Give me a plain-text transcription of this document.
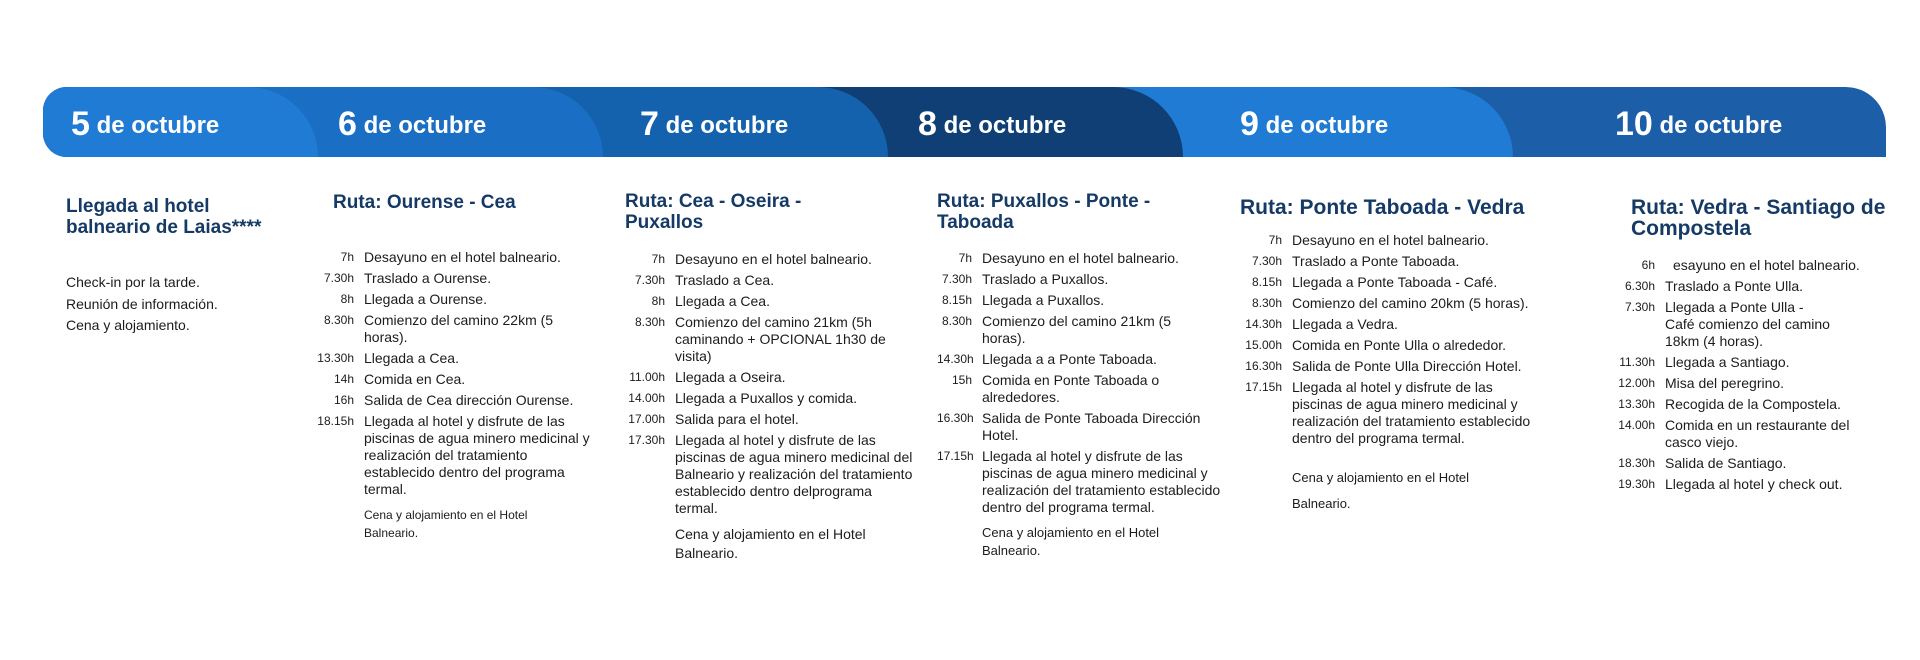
5 de octubre	6 de octubre	7 de octubre	8 de octubre	9 de octubre	10 de octubre
Llegada al hotel balneario de Laias****
Check-in por la tarde.
Reunión de información.
Cena y alojamiento.
Ruta: Ourense - Cea
7h Desayuno en el hotel balneario.
7.30h Traslado a Ourense.
8h Llegada a Ourense.
8.30h Comienzo del camino 22km (5 horas).
13.30h Llegada a Cea.
14h Comida en Cea.
16h Salida de Cea dirección Ourense.
18.15h Llegada al hotel y disfrute de las piscinas de agua minero medicinal y realización del tratamiento establecido dentro del programa termal.
Cena y alojamiento en el Hotel Balneario.
Ruta: Cea - Oseira - Puxallos
7h Desayuno en el hotel balneario.
7.30h Traslado a Cea.
8h Llegada a Cea.
8.30h Comienzo del camino 21km (5h caminando + OPCIONAL 1h30 de visita)
11.00h Llegada a Oseira.
14.00h Llegada a Puxallos y comida.
17.00h Salida para el hotel.
17.30h Llegada al hotel y disfrute de las piscinas de agua minero medicinal del Balneario y realización del tratamiento establecido dentro delprograma termal.
Cena y alojamiento en el Hotel Balneario.
Ruta: Puxallos - Ponte - Taboada
7h Desayuno en el hotel balneario.
7.30h Traslado a Puxallos.
8.15h Llegada a Puxallos.
8.30h Comienzo del camino 21km (5 horas).
14.30h Llegada a a Ponte Taboada.
15h Comida en Ponte Taboada o alrededores.
16.30h Salida de Ponte Taboada Dirección Hotel.
17.15h Llegada al hotel y disfrute de las piscinas de agua minero medicinal y realización del tratamiento establecido dentro del programa termal.
Cena y alojamiento en el Hotel Balneario.
Ruta: Ponte Taboada - Vedra
7h Desayuno en el hotel balneario.
7.30h Traslado a Ponte Taboada.
8.15h Llegada a Ponte Taboada - Café.
8.30h Comienzo del camino 20km (5 horas).
14.30h Llegada a Vedra.
15.00h Comida en Ponte Ulla o alrededor.
16.30h Salida de Ponte Ulla Dirección Hotel.
17.15h Llegada al hotel y disfrute de las piscinas de agua minero medicinal y realización del tratamiento establecido dentro del programa termal.
Cena y alojamiento en el Hotel Balneario.
Ruta: Vedra - Santiago de Compostela
6h	esayuno en el hotel balneario.
6.30h Traslado a Ponte Ulla.
7.30h Llegada a Ponte Ulla - Café comienzo del camino 18km (4 horas).
11.30h Llegada a Santiago.
12.00h Misa del peregrino.
13.30h Recogida de la Compostela.
14.00h Comida en un restaurante del casco viejo.
18.30h Salida de Santiago.
19.30h Llegada al hotel y check out.
